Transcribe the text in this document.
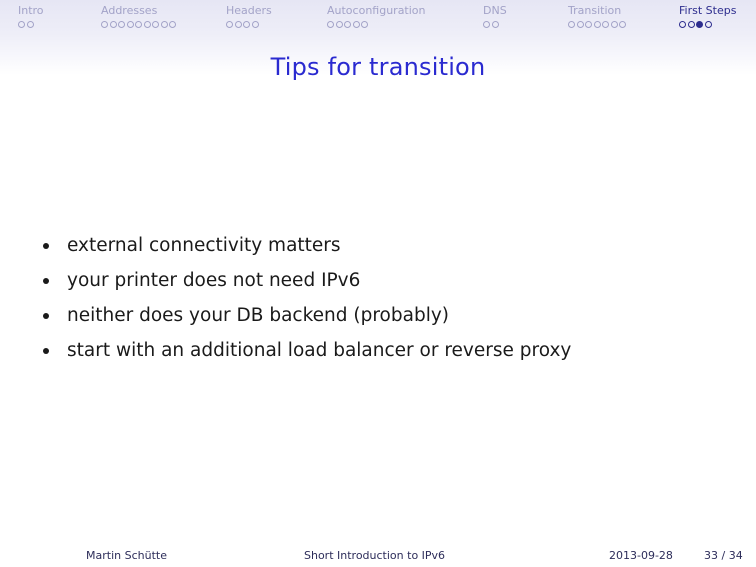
Intro	Addresses	Headers	Autoconfiguration	DNS	Transition	First Steps
Tips for transition
external connectivity matters
your printer does not need IPv6
neither does your DB backend (probably)
start with an additional load balancer or reverse proxy
Martin Schütte	Short Introduction to IPv6	2013-09-28	33 / 34
